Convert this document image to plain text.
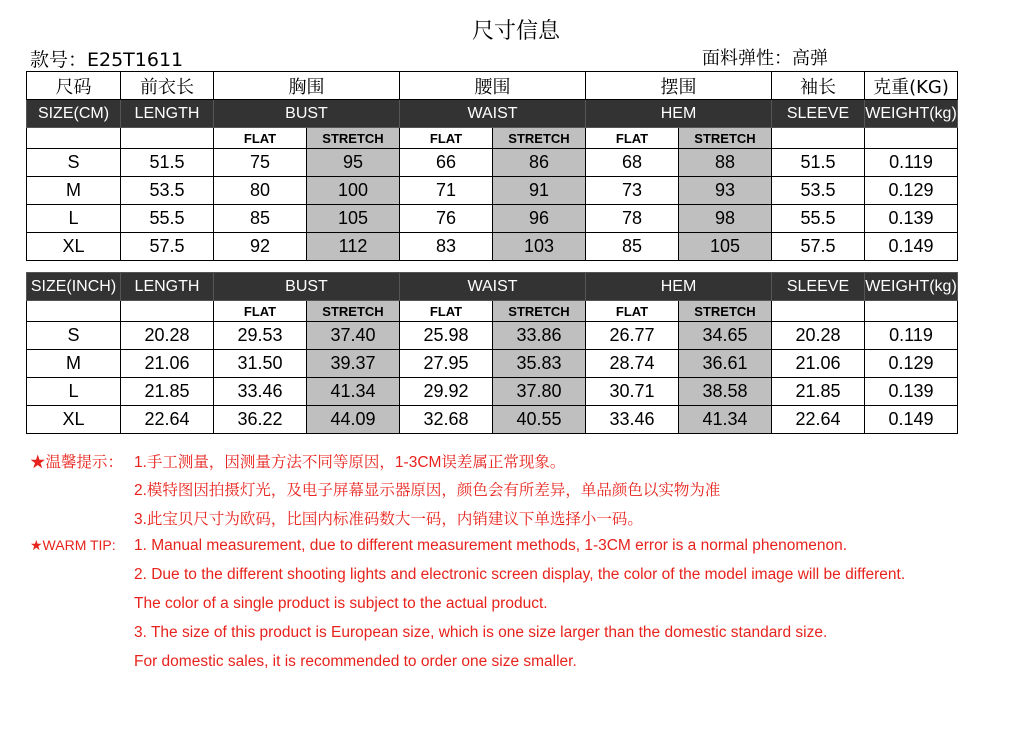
尺寸信息
款号：E25T1611	面料弹性：高弹
尺码	前衣长	胸围		腰围		摆围		袖长	克重(KG)
SIZE(CM)	LENGTH	BUST		WAIST		HEM		SLEEVE	WEIGHT(kg)
		FLAT	STRETCH	FLAT	STRETCH	FLAT	STRETCH		
S	51.5	75	95	66	86	68	88	51.5	0.119
M	53.5	80	100	71	91	73	93	53.5	0.129
L	55.5	85	105	76	96	78	98	55.5	0.139
XL	57.5	92	112	83	103	85	105	57.5	0.149
SIZE(INCH)	LENGTH	BUST		WAIST		HEM		SLEEVE	WEIGHT(kg)
		FLAT	STRETCH	FLAT	STRETCH	FLAT	STRETCH		
S	20.28	29.53	37.40	25.98	33.86	26.77	34.65	20.28	0.119
M	21.06	31.50	39.37	27.95	35.83	28.74	36.61	21.06	0.129
L	21.85	33.46	41.34	29.92	37.80	30.71	38.58	21.85	0.139
XL	22.64	36.22	44.09	32.68	40.55	33.46	41.34	22.64	0.149
★温馨提示： 1.手工测量，因测量方法不同等原因，1-3CM误差属正常现象。
2.模特图因拍摄灯光，及电子屏幕显示器原因，颜色会有所差异，单品颜色以实物为准
3.此宝贝尺寸为欧码，比国内标准码数大一码，内销建议下单选择小一码。
★WARM TIP: 1. Manual measurement, due to different measurement methods, 1-3CM error is a normal phenomenon.
2. Due to the different shooting lights and electronic screen display, the color of the model image will be different.
The color of a single product is subject to the actual product.
3. The size of this product is European size, which is one size larger than the domestic standard size.
For domestic sales, it is recommended to order one size smaller.
